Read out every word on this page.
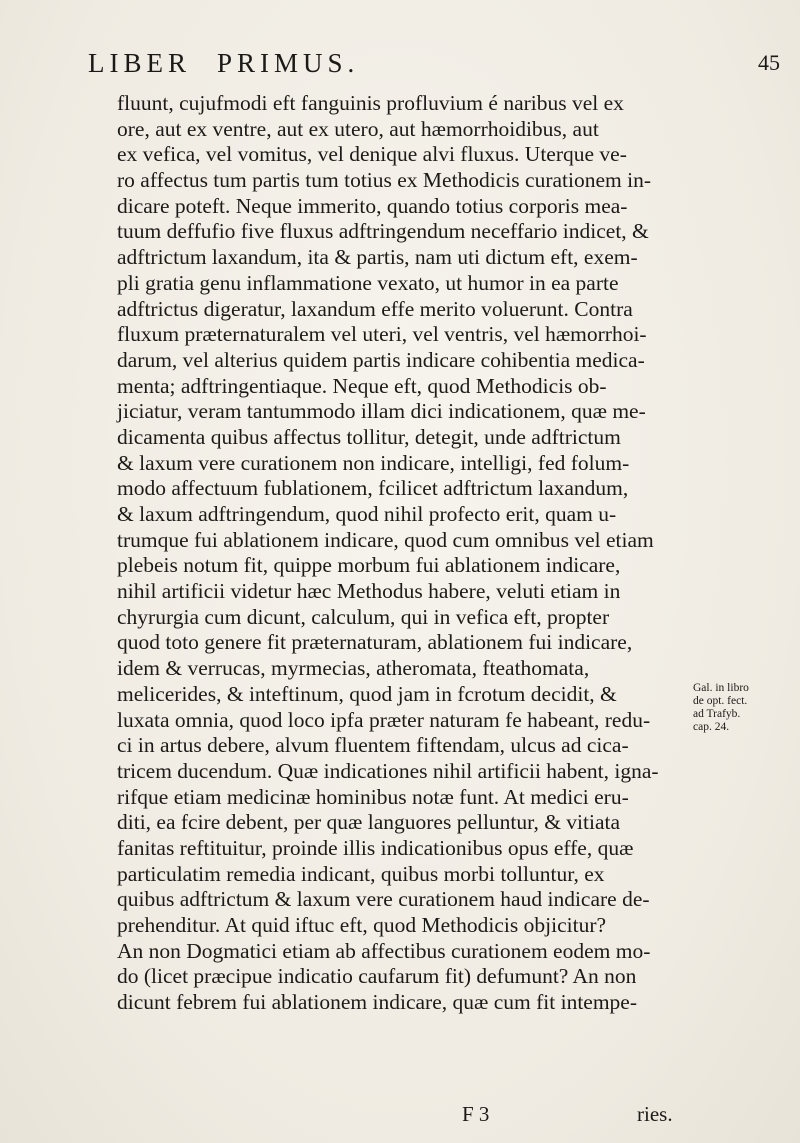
LIBER PRIMUS.	45
fluunt, cujufmodi eft fanguinis profluvium é naribus vel ex
ore, aut ex ventre, aut ex utero, aut hæmorrhoidibus, aut
ex vefica, vel vomitus, vel denique alvi fluxus. Uterque ve-
ro affectus tum partis tum totius ex Methodicis curationem in-
dicare poteft. Neque immerito, quando totius corporis mea-
tuum deffufio five fluxus adftringendum neceffario indicet, &
adftrictum laxandum, ita & partis, nam uti dictum eft, exem-
pli gratia genu inflammatione vexato, ut humor in ea parte
adftrictus digeratur, laxandum effe merito voluerunt. Contra
fluxum præternaturalem vel uteri, vel ventris, vel hæmorrhoi-
darum, vel alterius quidem partis indicare cohibentia medica-
menta; adftringentiaque. Neque eft, quod Methodicis ob-
jiciatur, veram tantummodo illam dici indicationem, quæ me-
dicamenta quibus affectus tollitur, detegit, unde adftrictum
& laxum vere curationem non indicare, intelligi, fed folum-
modo affectuum fublationem, fcilicet adftrictum laxandum,
& laxum adftringendum, quod nihil profecto erit, quam u-
trumque fui ablationem indicare, quod cum omnibus vel etiam
plebeis notum fit, quippe morbum fui ablationem indicare,
nihil artificii videtur hæc Methodus habere, veluti etiam in
chyrurgia cum dicunt, calculum, qui in vefica eft, propter
quod toto genere fit præternaturam, ablationem fui indicare,
idem & verrucas, myrmecias, atheromata, fteathomata,
melicerides, & inteftinum, quod jam in fcrotum decidit, &
luxata omnia, quod loco ipfa præter naturam fe habeant, redu-
ci in artus debere, alvum fluentem fiftendam, ulcus ad cica-
tricem ducendum. Quæ indicationes nihil artificii habent, igna-
rifque etiam medicinæ hominibus notæ funt. At medici eru-
diti, ea fcire debent, per quæ languores pelluntur, & vitiata
fanitas reftituitur, proinde illis indicationibus opus effe, quæ
particulatim remedia indicant, quibus morbi tolluntur, ex
quibus adftrictum & laxum vere curationem haud indicare de-
prehenditur. At quid iftuc eft, quod Methodicis objicitur?
An non Dogmatici etiam ab affectibus curationem eodem mo-
do (licet præcipue indicatio caufarum fit) defumunt? An non
dicunt febrem fui ablationem indicare, quæ cum fit intempe-
Gal. in libro
de opt. fect.
ad Trafyb.
cap. 24.
F 3	ries.
